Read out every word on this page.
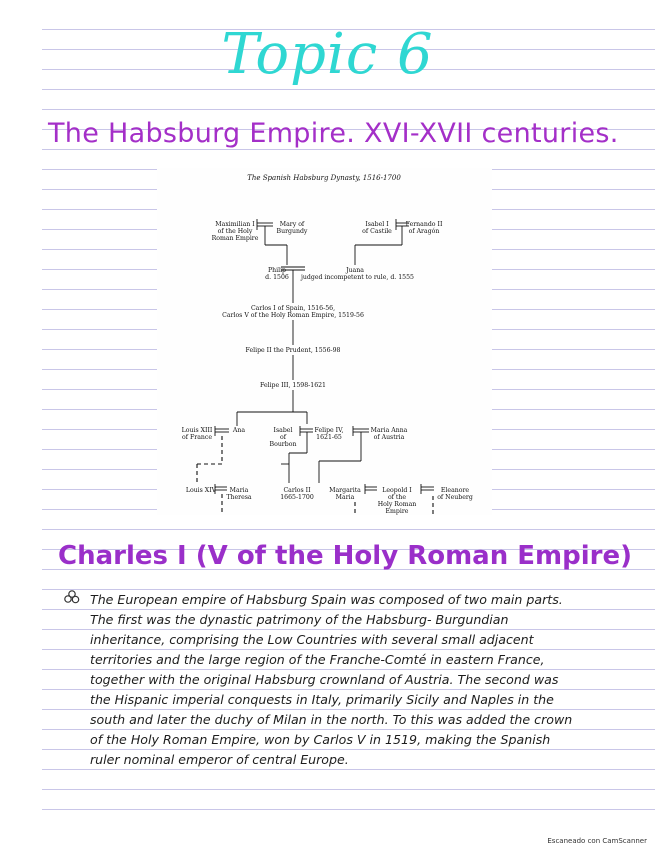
Topic 6
The Habsburg Empire. XVI-XVII centuries.
The Spanish Habsburg Dynasty, 1516-1700
Maximilian I
of the Holy
Roman Empire
Mary of
Burgundy
Isabel I
of Castile
Fernando II
of Aragón
Philip
d. 1506
Juana
judged incompetent to rule, d. 1555
Carlos I of Spain, 1516-56,
Carlos V of the Holy Roman Empire, 1519-56
Felipe II the Prudent, 1556-98
Felipe III, 1598-1621
Louis XIII
of France
Ana	Isabel
of
Bourbon
Felipe IV,
1621-65
Maria Anna
of Austria
Louis XIV Maria
Theresa
Carlos II
1665-1700
Margarita
Maria
Leopold I
of the
Holy Roman
Empire
Eleanore
of Neuberg
Charles I (V of the Holy Roman Empire)
The European empire of Habsburg Spain was composed of two main parts.
The first was the dynastic patrimony of the Habsburg- Burgundian
inheritance, comprising the Low Countries with several small adjacent
territories and the large region of the Franche-Comté in eastern France,
together with the original Habsburg crownland of Austria. The second was
the Hispanic imperial conquests in Italy, primarily Sicily and Naples in the
south and later the duchy of Milan in the north. To this was added the crown
of the Holy Roman Empire, won by Carlos V in 1519, making the Spanish
ruler nominal emperor of central Europe.
Escaneado con CamScanner
